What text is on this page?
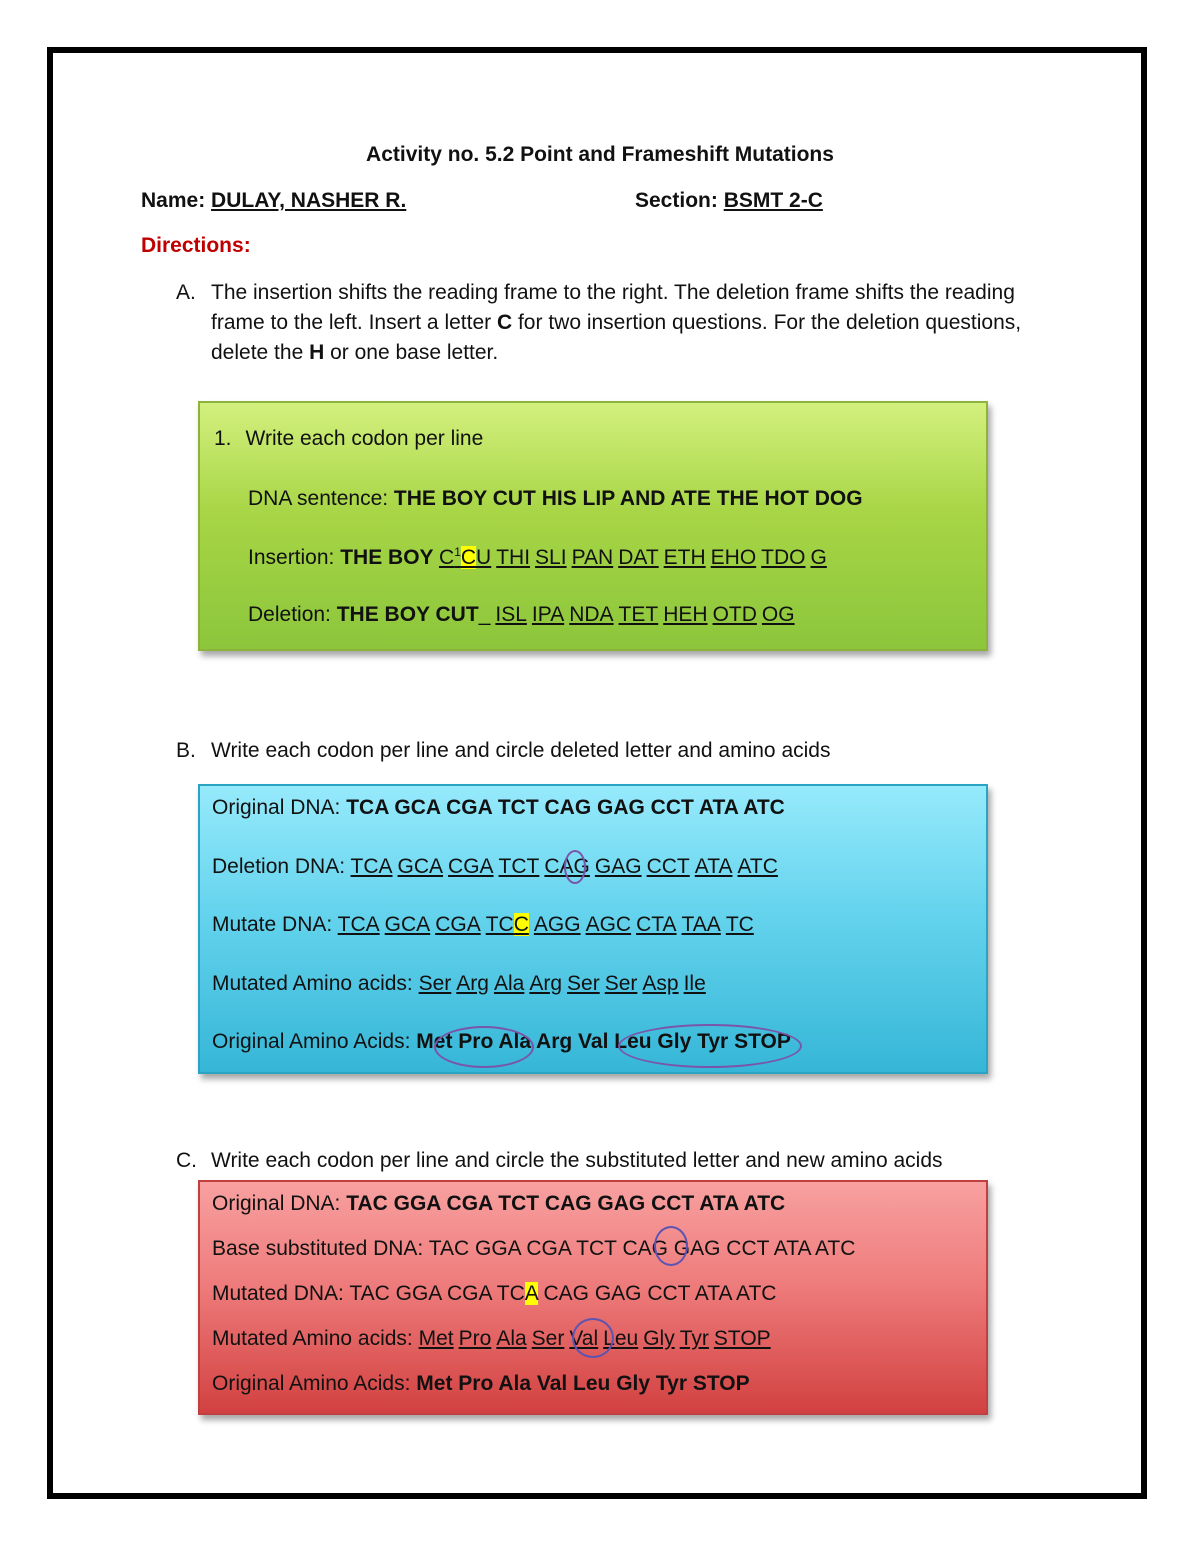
Activity no. 5.2 Point and Frameshift Mutations
Name: DULAY, NASHER R.	Section: BSMT 2-C
Directions:
A. The insertion shifts the reading frame to the right. The deletion frame shifts the reading frame to the left. Insert a letter C for two insertion questions. For the deletion questions, delete the H or one base letter.
1. Write each codon per line
DNA sentence: THE BOY CUT HIS LIP AND ATE THE HOT DOG
Insertion: THE BOY $C^1CU$ THI SLI PAN DAT ETH EHO TDO G
Deletion: THE BOY CUT_ ISL IPA NDA TET HEH OTD OG
B. Write each codon per line and circle deleted letter and amino acids
Original DNA: TCA GCA CGA TCT CAG GAG CCT ATA ATC
Deletion DNA: TCA GCA CGA TCT CAG GAG CCT ATA ATC
Mutate DNA: TCA GCA CGA TCC AGG AGC CTA TAA TC
Mutated Amino acids: Ser Arg Ala Arg Ser Ser Asp Ile
Original Amino Acids: Met Pro Ala Arg Val Leu Gly Tyr STOP
C. Write each codon per line and circle the substituted letter and new amino acids
Original DNA: TAC GGA CGA TCT CAG GAG CCT ATA ATC
Base substituted DNA: TAC GGA CGA TCT CAG GAG CCT ATA ATC
Mutated DNA: TAC GGA CGA TCA CAG GAG CCT ATA ATC
Mutated Amino acids: Met Pro Ala Ser Val Leu Gly Tyr STOP
Original Amino Acids: Met Pro Ala Val Leu Gly Tyr STOP
